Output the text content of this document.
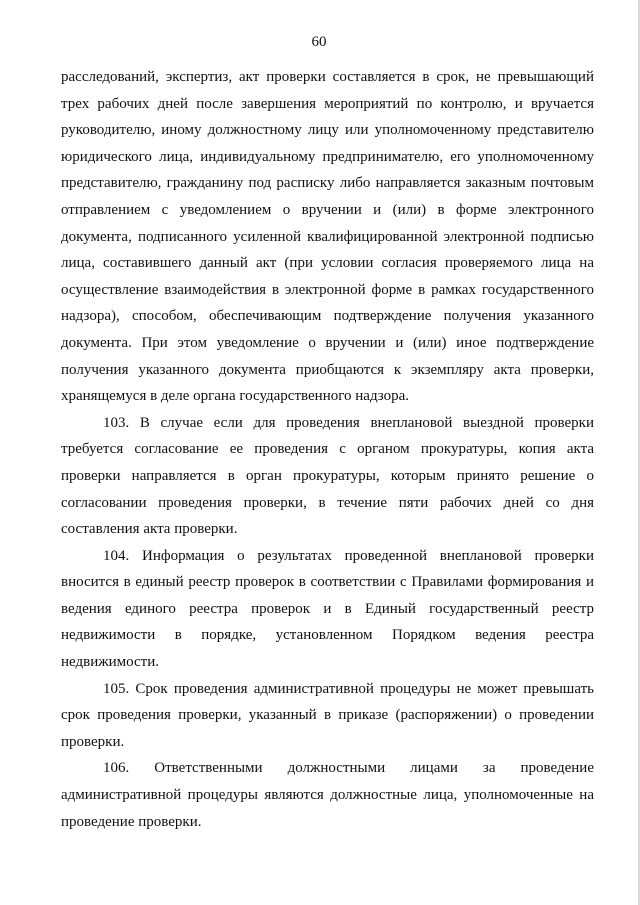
60

расследований, экспертиз, акт проверки составляется в срок, не превышающий трех рабочих дней после завершения мероприятий по контролю, и вручается руководителю, иному должностному лицу или уполномоченному представителю юридического лица, индивидуальному предпринимателю, его уполномоченному представителю, гражданину под расписку либо направляется заказным почтовым отправлением с уведомлением о вручении и (или) в форме электронного документа, подписанного усиленной квалифицированной электронной подписью лица, составившего данный акт (при условии согласия проверяемого лица на осуществление взаимодействия в электронной форме в рамках государственного надзора), способом, обеспечивающим подтверждение получения указанного документа. При этом уведомление о вручении и (или) иное подтверждение получения указанного документа приобщаются к экземпляру акта проверки, хранящемуся в деле органа государственного надзора.

103. В случае если для проведения внеплановой выездной проверки требуется согласование ее проведения с органом прокуратуры, копия акта проверки направляется в орган прокуратуры, которым принято решение о согласовании проведения проверки, в течение пяти рабочих дней со дня составления акта проверки.

104. Информация о результатах проведенной внеплановой проверки вносится в единый реестр проверок в соответствии с Правилами формирования и ведения единого реестра проверок и в Единый государственный реестр недвижимости в порядке, установленном Порядком ведения реестра недвижимости.

105. Срок проведения административной процедуры не может превышать срок проведения проверки, указанный в приказе (распоряжении) о проведении проверки.

106. Ответственными должностными лицами за проведение административной процедуры являются должностные лица, уполномоченные на проведение проверки.
